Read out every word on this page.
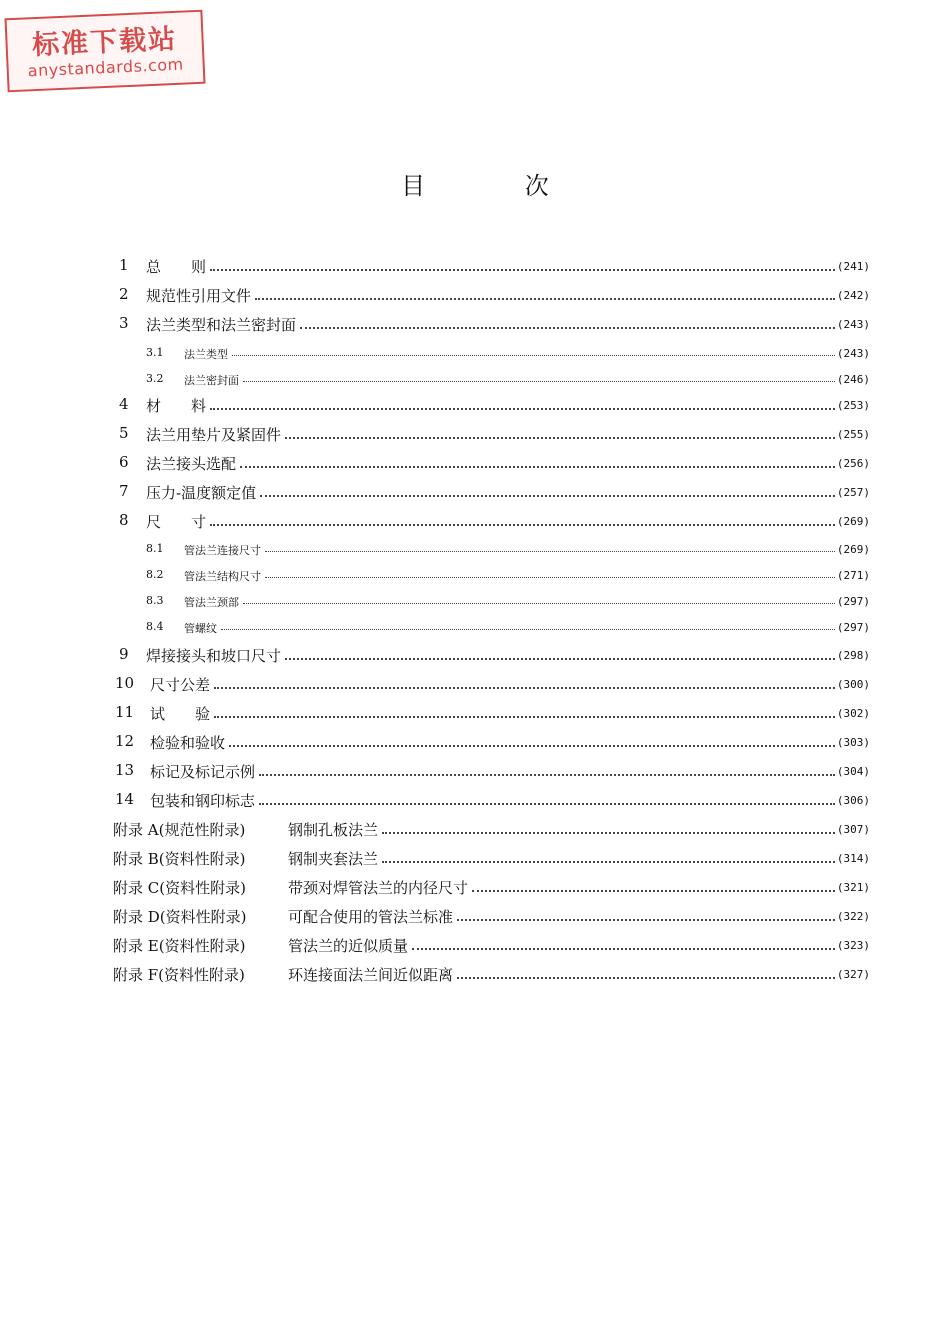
标准下载站
anystandards.com
目 次
1 总　　则	(241)
2 规范性引用文件	(242)
3 法兰类型和法兰密封面	(243)
3.1 法兰类型	(243)
3.2 法兰密封面	(246)
4 材　　料	(253)
5 法兰用垫片及紧固件	(255)
6 法兰接头选配	(256)
7 压力-温度额定值	(257)
8 尺　　寸	(269)
8.1 管法兰连接尺寸	(269)
8.2 管法兰结构尺寸	(271)
8.3 管法兰颈部	(297)
8.4 管螺纹	(297)
9 焊接接头和坡口尺寸	(298)
10 尺寸公差	(300)
11 试　　验	(302)
12 检验和验收	(303)
13 标记及标记示例	(304)
14 包装和钢印标志	(306)
附录 A(规范性附录)	钢制孔板法兰	(307)
附录 B(资料性附录)	钢制夹套法兰	(314)
附录 C(资料性附录)	带颈对焊管法兰的内径尺寸	(321)
附录 D(资料性附录)	可配合使用的管法兰标准	(322)
附录 E(资料性附录)	管法兰的近似质量	(323)
附录 F(资料性附录)	环连接面法兰间近似距离	(327)
